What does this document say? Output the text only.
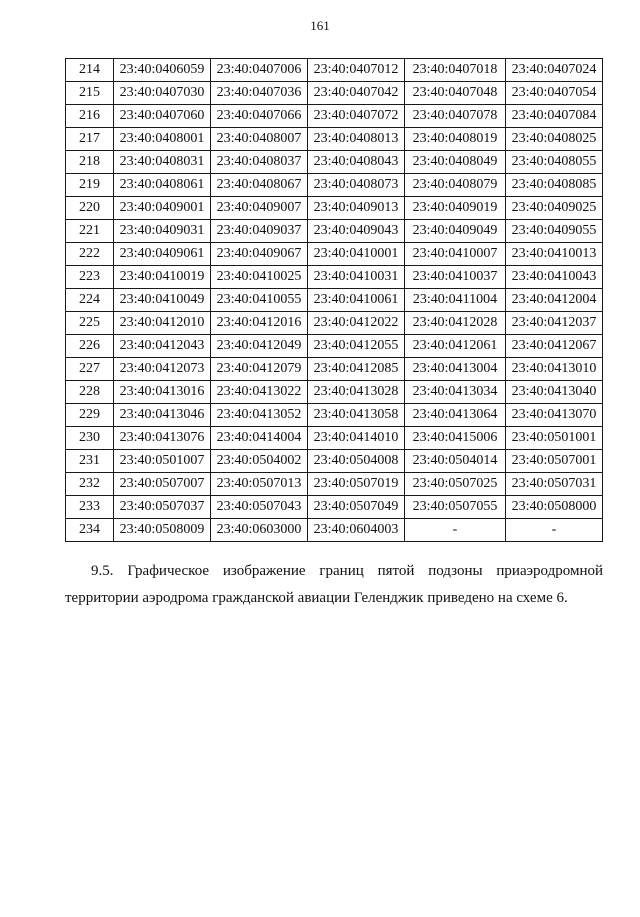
161
214	23:40:0406059	23:40:0407006	23:40:0407012	23:40:0407018	23:40:0407024
215	23:40:0407030	23:40:0407036	23:40:0407042	23:40:0407048	23:40:0407054
216	23:40:0407060	23:40:0407066	23:40:0407072	23:40:0407078	23:40:0407084
217	23:40:0408001	23:40:0408007	23:40:0408013	23:40:0408019	23:40:0408025
218	23:40:0408031	23:40:0408037	23:40:0408043	23:40:0408049	23:40:0408055
219	23:40:0408061	23:40:0408067	23:40:0408073	23:40:0408079	23:40:0408085
220	23:40:0409001	23:40:0409007	23:40:0409013	23:40:0409019	23:40:0409025
221	23:40:0409031	23:40:0409037	23:40:0409043	23:40:0409049	23:40:0409055
222	23:40:0409061	23:40:0409067	23:40:0410001	23:40:0410007	23:40:0410013
223	23:40:0410019	23:40:0410025	23:40:0410031	23:40:0410037	23:40:0410043
224	23:40:0410049	23:40:0410055	23:40:0410061	23:40:0411004	23:40:0412004
225	23:40:0412010	23:40:0412016	23:40:0412022	23:40:0412028	23:40:0412037
226	23:40:0412043	23:40:0412049	23:40:0412055	23:40:0412061	23:40:0412067
227	23:40:0412073	23:40:0412079	23:40:0412085	23:40:0413004	23:40:0413010
228	23:40:0413016	23:40:0413022	23:40:0413028	23:40:0413034	23:40:0413040
229	23:40:0413046	23:40:0413052	23:40:0413058	23:40:0413064	23:40:0413070
230	23:40:0413076	23:40:0414004	23:40:0414010	23:40:0415006	23:40:0501001
231	23:40:0501007	23:40:0504002	23:40:0504008	23:40:0504014	23:40:0507001
232	23:40:0507007	23:40:0507013	23:40:0507019	23:40:0507025	23:40:0507031
233	23:40:0507037	23:40:0507043	23:40:0507049	23:40:0507055	23:40:0508000
234	23:40:0508009	23:40:0603000	23:40:0604003	-	-
9.5. Графическое изображение границ пятой подзоны приаэродромной
территории аэродрома гражданской авиации Геленджик приведено на схеме 6.
